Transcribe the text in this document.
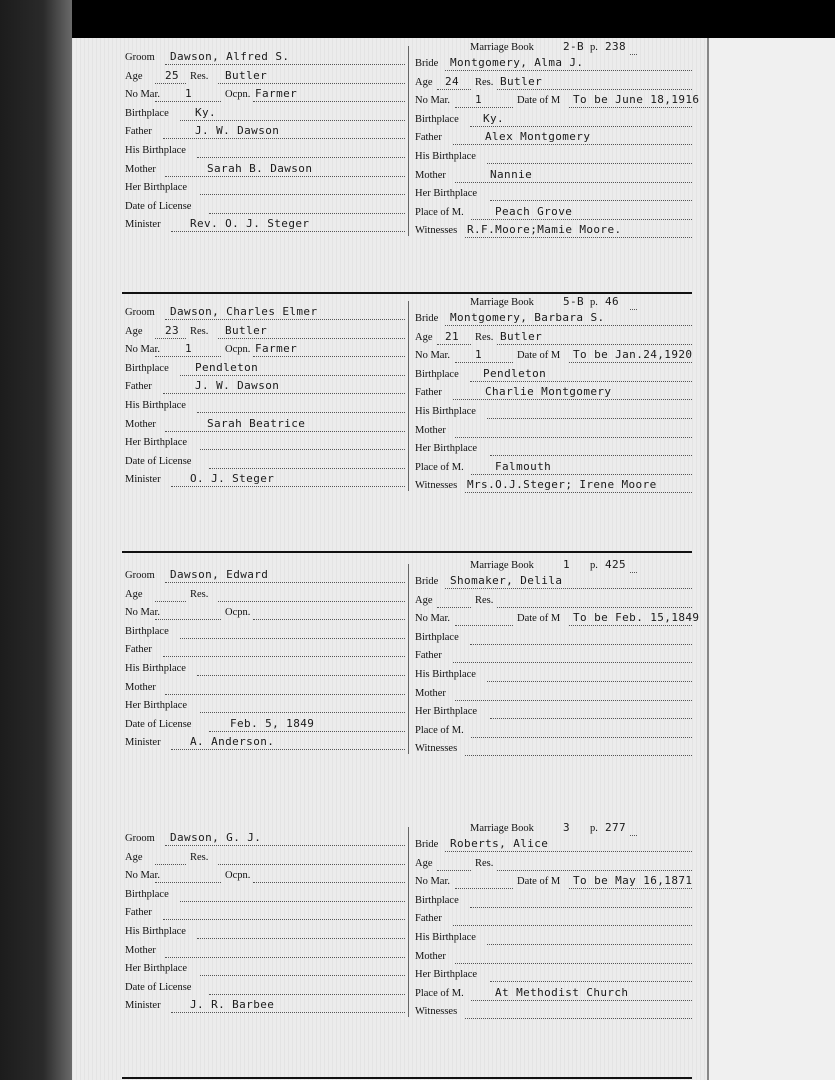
Groom Dawson, Alfred S.
Age	Res.
25	Butler
No Mar.	Ocpn.
1	Farmer
Birthplace Ky.
Father	J. W. Dawson
His Birthplace
Mother	Sarah B. Dawson
Her Birthplace
Date of License
Minister	Rev. O. J. Steger
Marriage Book	2-B p. 238
Bride Montgomery, Alma J.
Age	Res.
24	Butler
No Mar.	Date of M
1	To be June 18,1916
Birthplace Ky.
Father	Alex Montgomery
His Birthplace
Mother	Nannie
Her Birthplace
Place of M.	Peach Grove
Witnesses R.F.Moore;Mamie Moore.
Groom Dawson, Charles Elmer
Age	Res.
23	Butler
No Mar.	Ocpn.
1	Farmer
Birthplace Pendleton
Father	J. W. Dawson
His Birthplace
Mother	Sarah Beatrice
Her Birthplace
Date of License
Minister	O. J. Steger
Marriage Book	5-B p. 46
Bride Montgomery, Barbara S.
Age	Res.
21	Butler
No Mar.	Date of M
1	To be Jan.24,1920
Birthplace Pendleton
Father	Charlie Montgomery
His Birthplace
Mother
Her Birthplace
Place of M.	Falmouth
Witnesses Mrs.O.J.Steger; Irene Moore
Groom Dawson, Edward
Age	Res.
No Mar.	Ocpn.
Birthplace
Father
His Birthplace
Mother
Her Birthplace
Date of License	Feb. 5, 1849
Minister	A. Anderson.
Marriage Book	1 p. 425
Bride Shomaker, Delila
Age	Res.
No Mar.	Date of M To be Feb. 15,1849
Birthplace
Father
His Birthplace
Mother
Her Birthplace
Place of M.
Witnesses
Groom Dawson, G. J.
Age	Res.
No Mar.	Ocpn.
Birthplace
Father
His Birthplace
Mother
Her Birthplace
Date of License
Minister	J. R. Barbee
Marriage Book	3 p. 277
Bride Roberts, Alice
Age	Res.
No Mar.	Date of M To be May 16,1871
Birthplace
Father
His Birthplace
Mother
Her Birthplace
Place of M.	At Methodist Church
Witnesses
